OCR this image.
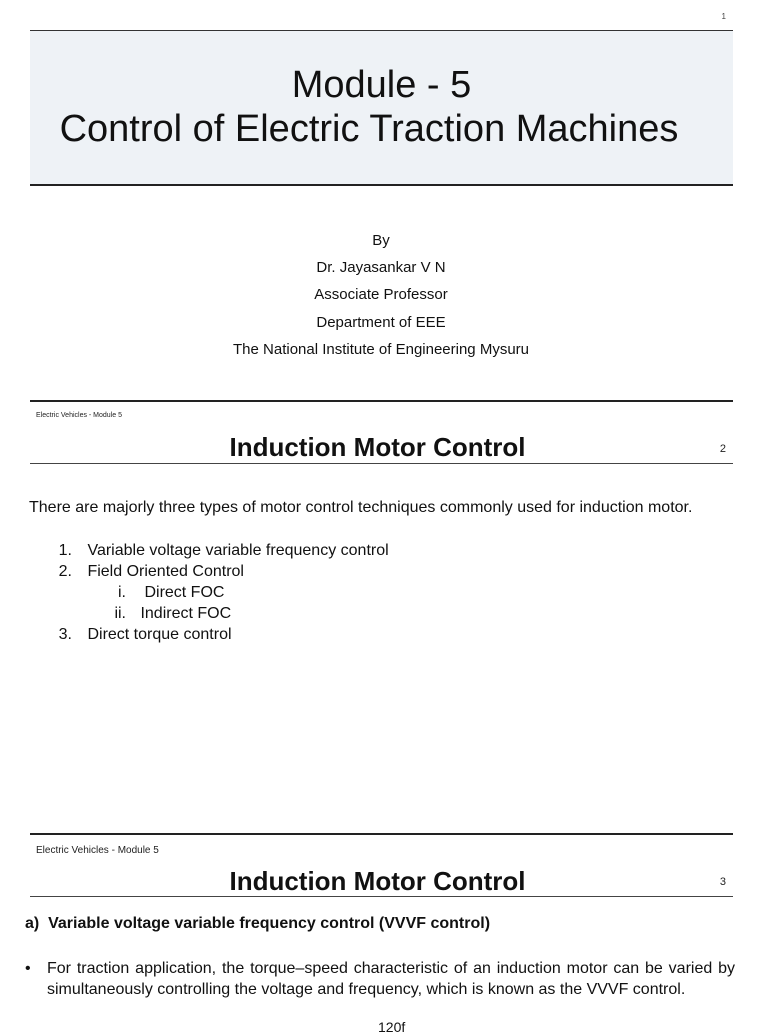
1
Module - 5
Control of Electric Traction Machines
By
Dr. Jayasankar V N
Associate Professor
Department of EEE
The National Institute of Engineering Mysuru
Electric Vehicles - Module 5
Induction Motor Control	2
There are majorly three types of motor control techniques commonly used for induction motor.
1. Variable voltage variable frequency control
2. Field Oriented Control
i. Direct FOC
ii. Indirect FOC
3. Direct torque control
Electric Vehicles - Module 5
Induction Motor Control	3
a)  Variable voltage variable frequency control (VVVF control)
• For traction application, the torque–speed characteristic of an induction motor can be varied by simultaneously controlling the voltage and frequency, which is known as the VVVF control.
120f
